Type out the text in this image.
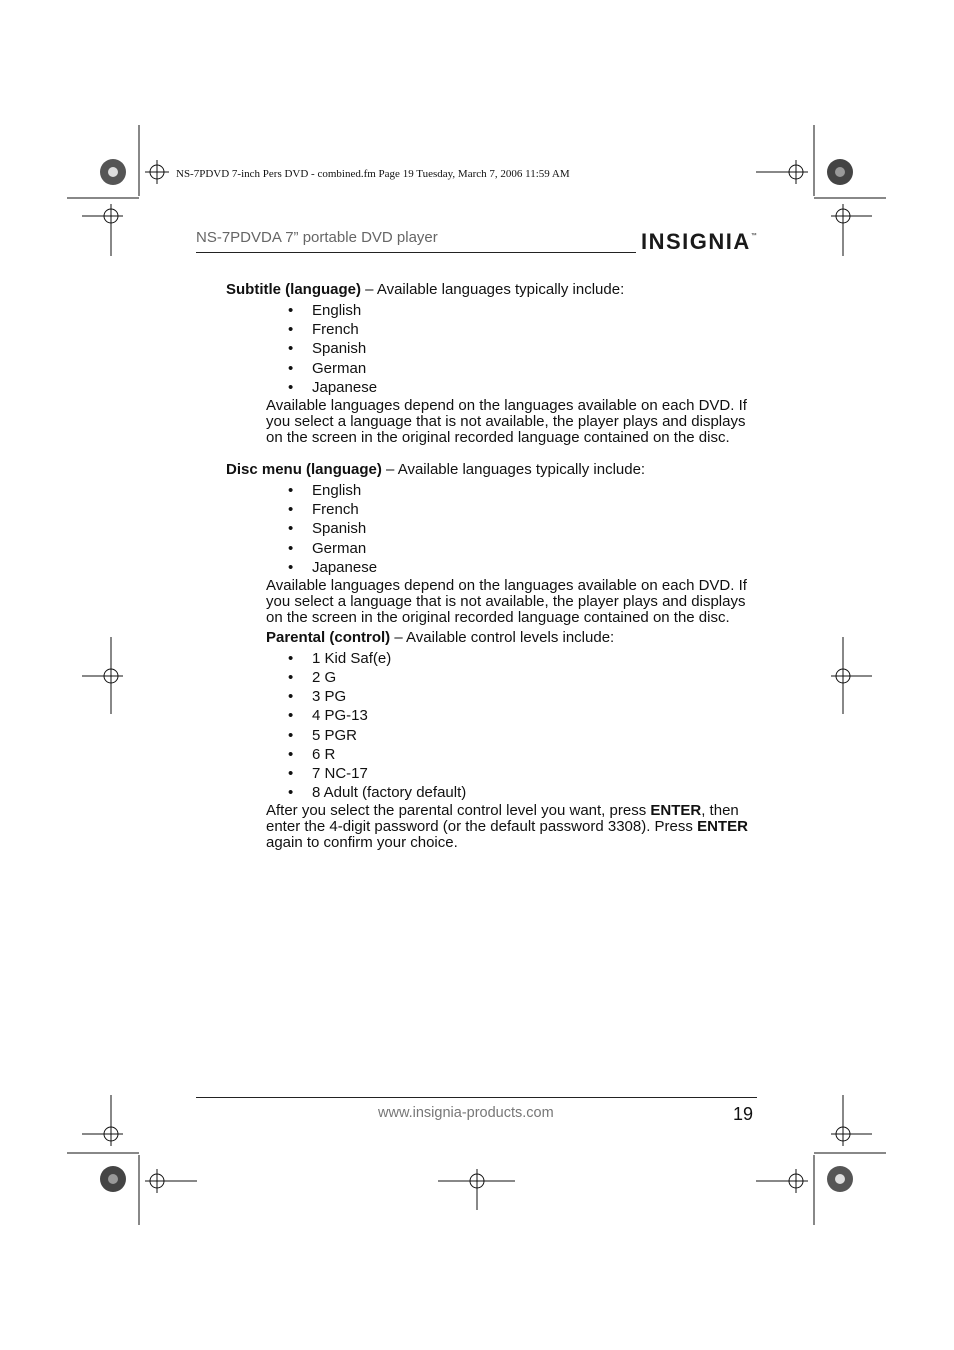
NS-7PDVD 7-inch Pers DVD - combined.fm Page 19 Tuesday, March 7, 2006 11:59 AM
NS-7PDVDA 7” portable DVD player	INSIGNIA™

Subtitle (language) – Available languages typically include:

• English
• French
• Spanish
• German
• Japanese

Available languages depend on the languages available on each DVD. If you select a language that is not available, the player plays and displays on the screen in the original recorded language contained on the disc.

Disc menu (language) – Available languages typically include:

• English
• French
• Spanish
• German
• Japanese

Available languages depend on the languages available on each DVD. If you select a language that is not available, the player plays and displays on the screen in the original recorded language contained on the disc.

Parental (control) – Available control levels include:

• 1 Kid Saf(e)
• 2 G
• 3 PG
• 4 PG-13
• 5 PGR
• 6 R
• 7 NC-17
• 8 Adult (factory default)

After you select the parental control level you want, press ENTER, then enter the 4-digit password (or the default password 3308). Press ENTER again to confirm your choice.

www.insignia-products.com	19
